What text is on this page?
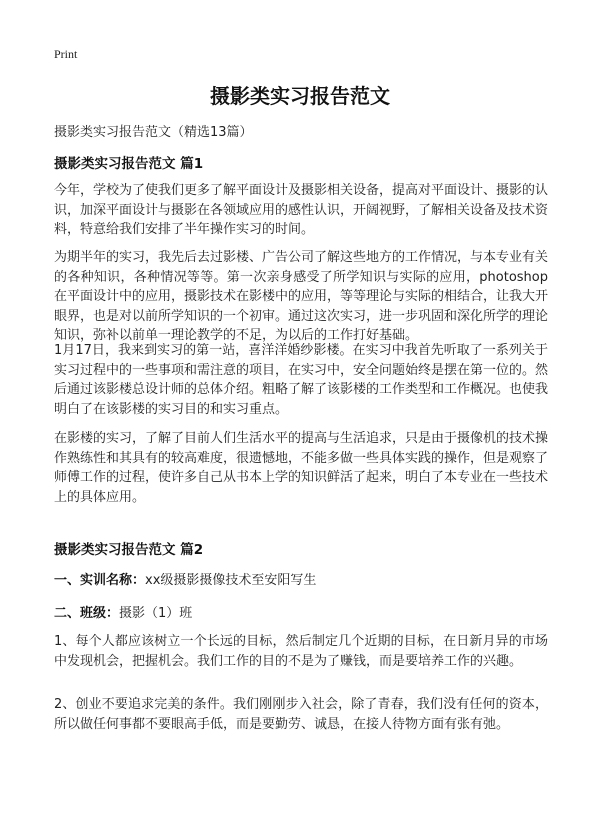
Print
摄影类实习报告范文
摄影类实习报告范文（精选13篇）
摄影类实习报告范文 篇1
今年，学校为了使我们更多了解平面设计及摄影相关设备，提高对平面设计、摄影的认识，加深平面设计与摄影在各领域应用的感性认识，开阔视野，了解相关设备及技术资料，特意给我们安排了半年操作实习的时间。
为期半年的实习，我先后去过影楼、广告公司了解这些地方的工作情况，与本专业有关的各种知识，各种情况等等。第一次亲身感受了所学知识与实际的应用，photoshop在平面设计中的应用，摄影技术在影楼中的应用，等等理论与实际的相结合，让我大开眼界，也是对以前所学知识的一个初审。通过这次实习，进一步巩固和深化所学的理论知识，弥补以前单一理论教学的不足，为以后的工作打好基础。
1月17日，我来到实习的第一站，喜洋洋婚纱影楼。在实习中我首先听取了一系列关于实习过程中的一些事项和需注意的项目，在实习中，安全问题始终是摆在第一位的。然后通过该影楼总设计师的总体介绍。粗略了解了该影楼的工作类型和工作概况。也使我明白了在该影楼的实习目的和实习重点。
在影楼的实习，了解了目前人们生活水平的提高与生活追求，只是由于摄像机的技术操作熟练性和其具有的较高难度，很遗憾地，不能多做一些具体实践的操作，但是观察了师傅工作的过程，使许多自己从书本上学的知识鲜活了起来，明白了本专业在一些技术上的具体应用。
摄影类实习报告范文 篇2
一、实训名称：xx级摄影摄像技术至安阳写生
二、班级：摄影（1）班
1、每个人都应该树立一个长远的目标，然后制定几个近期的目标，在日新月异的市场中发现机会，把握机会。我们工作的目的不是为了赚钱，而是要培养工作的兴趣。
2、创业不要追求完美的条件。我们刚刚步入社会，除了青春，我们没有任何的资本，所以做任何事都不要眼高手低，而是要勤劳、诚恳，在接人待物方面有张有弛。
